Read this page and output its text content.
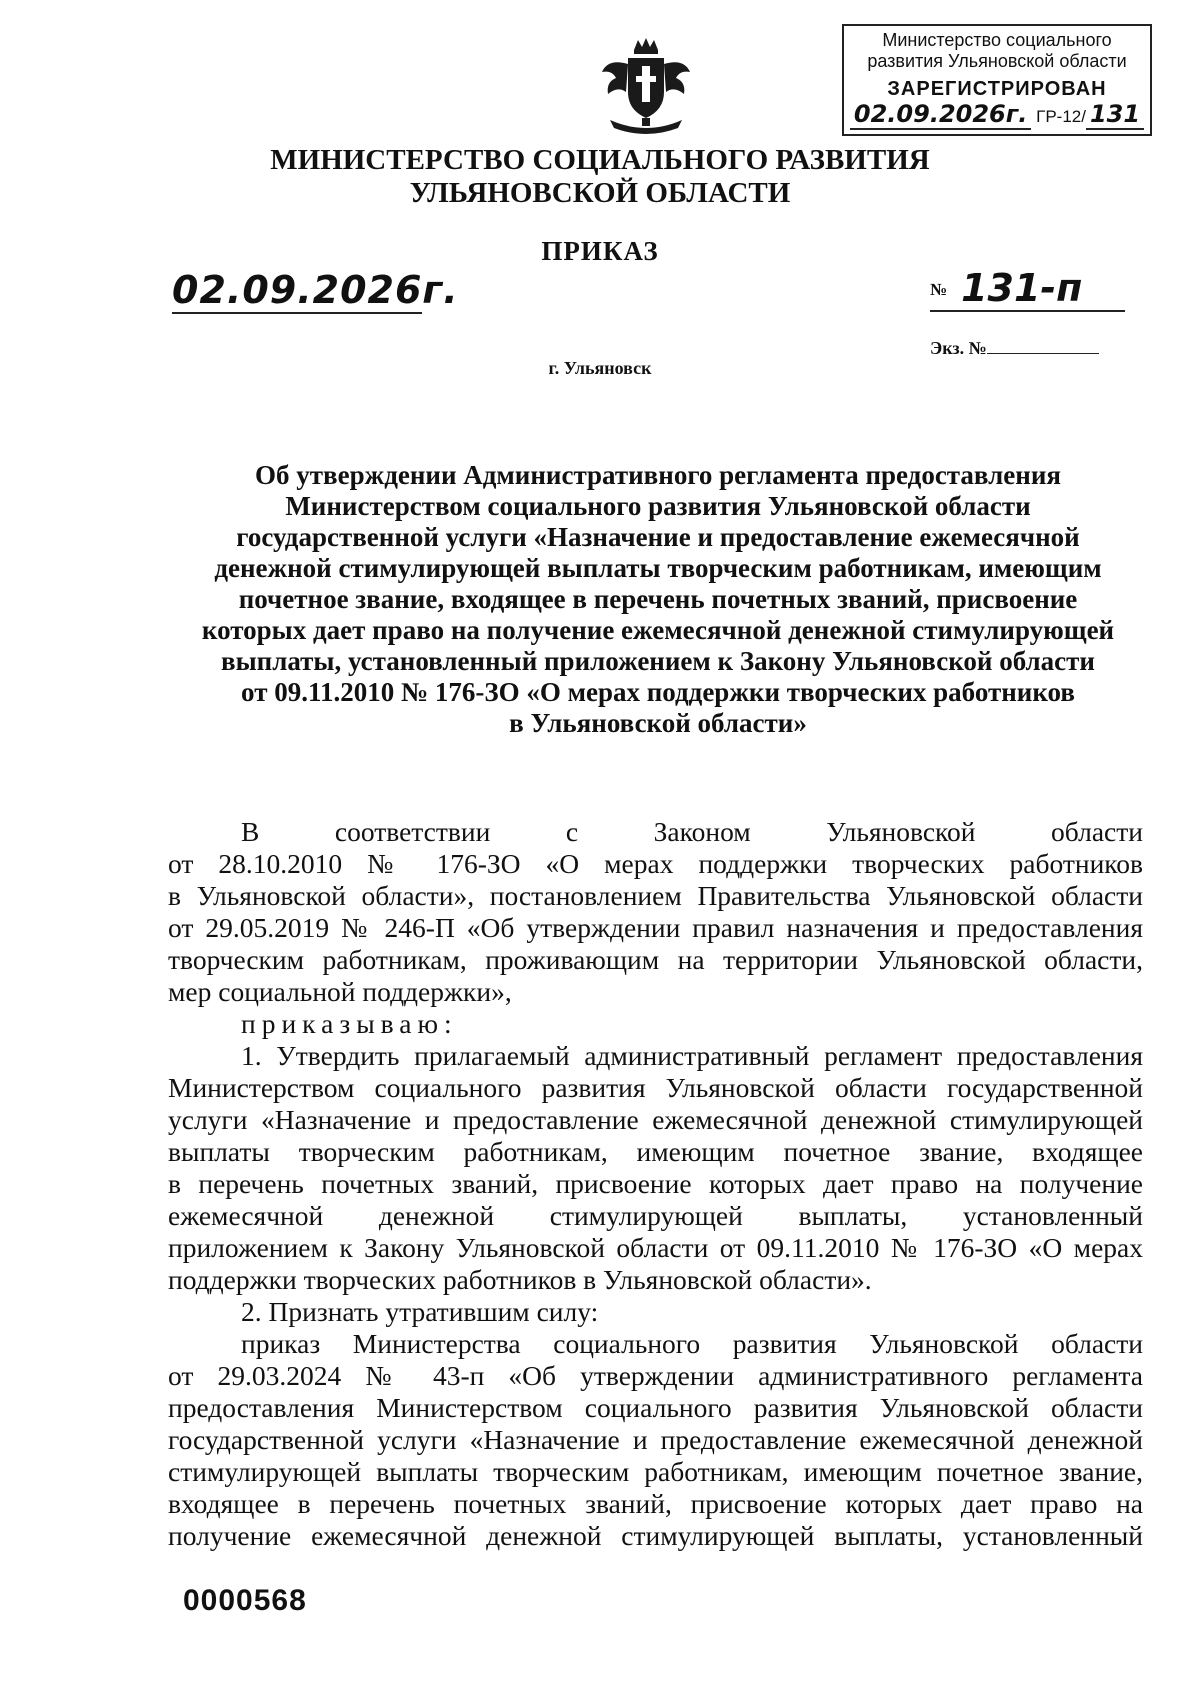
Министерство социального
развития Ульяновской области
ЗАРЕГИСТРИРОВАН
02.09.2026г. ГР-12/ 131
МИНИСТЕРСТВО СОЦИАЛЬНОГО РАЗВИТИЯ
УЛЬЯНОВСКОЙ ОБЛАСТИ
ПРИКАЗ
02.09.2026г.	№ 131-п
Экз. №
г. Ульяновск
Об утверждении Административного регламента предоставления
Министерством социального развития Ульяновской области
государственной услуги «Назначение и предоставление ежемесячной
денежной стимулирующей выплаты творческим работникам, имеющим
почетное звание, входящее в перечень почетных званий, присвоение
которых дает право на получение ежемесячной денежной стимулирующей
выплаты, установленный приложением к Закону Ульяновской области
от 09.11.2010 № 176-ЗО «О мерах поддержки творческих работников
в Ульяновской области»
В соответствии с Законом Ульяновской области
от 28.10.2010 № 176-ЗО «О мерах поддержки творческих работников
в Ульяновской области», постановлением Правительства Ульяновской области
от 29.05.2019 № 246-П «Об утверждении правил назначения и предоставления
творческим работникам, проживающим на территории Ульяновской области,
мер социальной поддержки»,
приказываю:
1. Утвердить прилагаемый административный регламент предоставления
Министерством социального развития Ульяновской области государственной
услуги «Назначение и предоставление ежемесячной денежной стимулирующей
выплаты творческим работникам, имеющим почетное звание, входящее
в перечень почетных званий, присвоение которых дает право на получение
ежемесячной денежной стимулирующей выплаты, установленный
приложением к Закону Ульяновской области от 09.11.2010 № 176-ЗО «О мерах
поддержки творческих работников в Ульяновской области».
2. Признать утратившим силу:
приказ Министерства социального развития Ульяновской области
от 29.03.2024 № 43-п «Об утверждении административного регламента
предоставления Министерством социального развития Ульяновской области
государственной услуги «Назначение и предоставление ежемесячной денежной
стимулирующей выплаты творческим работникам, имеющим почетное звание,
входящее в перечень почетных званий, присвоение которых дает право на
получение ежемесячной денежной стимулирующей выплаты, установленный
0000568
